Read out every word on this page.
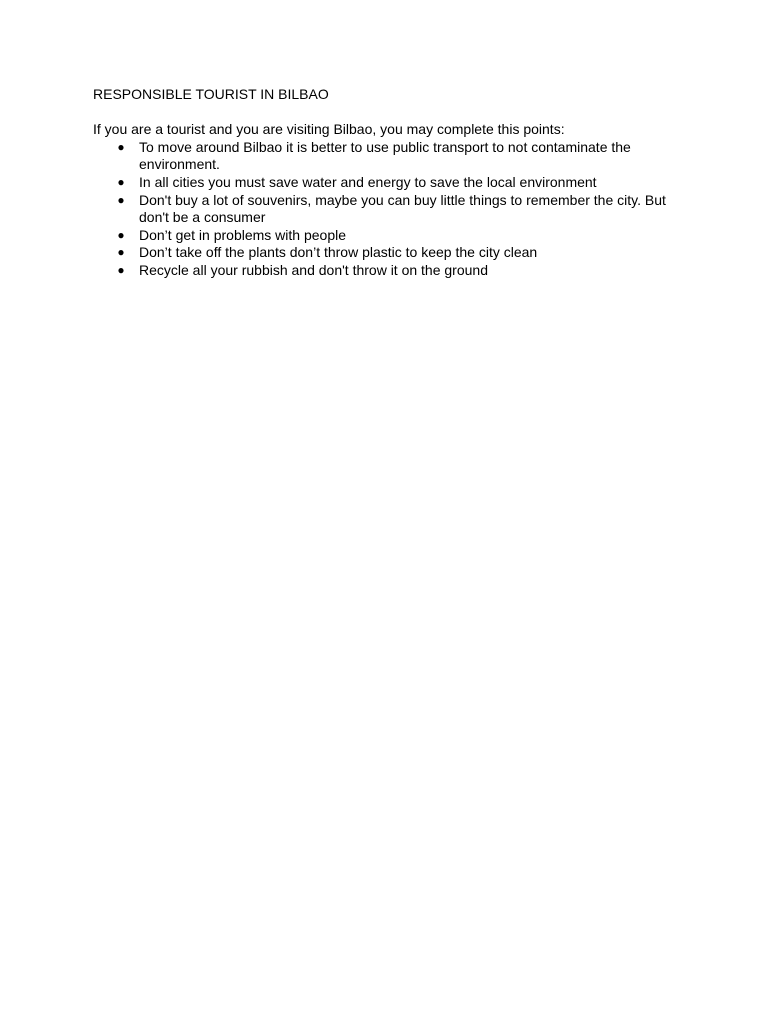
RESPONSIBLE TOURIST IN BILBAO

If you are a tourist and you are visiting Bilbao, you may complete this points:

● To move around Bilbao it is better to use public transport to not contaminate the environment.
● In all cities you must save water and energy to save the local environment
● Don't buy a lot of souvenirs, maybe you can buy little things to remember the city. But don't be a consumer
● Don’t get in problems with people
● Don’t take off the plants don’t throw plastic to keep the city clean
● Recycle all your rubbish and don't throw it on the ground
